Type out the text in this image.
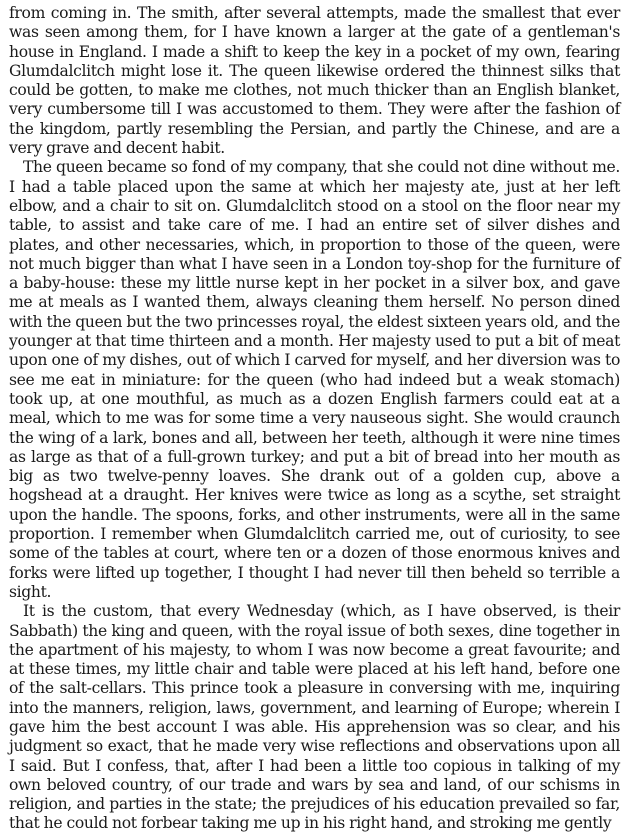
from coming in. The smith, after several attempts, made the smallest that ever was seen among them, for I have known a larger at the gate of a gentleman's house in England. I made a shift to keep the key in a pocket of my own, fearing Glumdalclitch might lose it. The queen likewise ordered the thinnest silks that could be gotten, to make me clothes, not much thicker than an English blanket, very cumbersome till I was accustomed to them. They were after the fashion of the kingdom, partly resembling the Persian, and partly the Chinese, and are a very grave and decent habit.

The queen became so fond of my company, that she could not dine without me. I had a table placed upon the same at which her majesty ate, just at her left elbow, and a chair to sit on. Glumdalclitch stood on a stool on the floor near my table, to assist and take care of me. I had an entire set of silver dishes and plates, and other necessaries, which, in proportion to those of the queen, were not much bigger than what I have seen in a London toy-shop for the furniture of a baby-house: these my little nurse kept in her pocket in a silver box, and gave me at meals as I wanted them, always cleaning them herself. No person dined with the queen but the two princesses royal, the eldest sixteen years old, and the younger at that time thirteen and a month. Her majesty used to put a bit of meat upon one of my dishes, out of which I carved for myself, and her diversion was to see me eat in miniature: for the queen (who had indeed but a weak stomach) took up, at one mouthful, as much as a dozen English farmers could eat at a meal, which to me was for some time a very nauseous sight. She would craunch the wing of a lark, bones and all, between her teeth, although it were nine times as large as that of a full-grown turkey; and put a bit of bread into her mouth as big as two twelve-penny loaves. She drank out of a golden cup, above a hogshead at a draught. Her knives were twice as long as a scythe, set straight upon the handle. The spoons, forks, and other instruments, were all in the same proportion. I remember when Glumdalclitch carried me, out of curiosity, to see some of the tables at court, where ten or a dozen of those enormous knives and forks were lifted up together, I thought I had never till then beheld so terrible a sight.

It is the custom, that every Wednesday (which, as I have observed, is their Sabbath) the king and queen, with the royal issue of both sexes, dine together in the apartment of his majesty, to whom I was now become a great favourite; and at these times, my little chair and table were placed at his left hand, before one of the salt-cellars. This prince took a pleasure in conversing with me, inquiring into the manners, religion, laws, government, and learning of Europe; wherein I gave him the best account I was able. His apprehension was so clear, and his judgment so exact, that he made very wise reflections and observations upon all I said. But I confess, that, after I had been a little too copious in talking of my own beloved country, of our trade and wars by sea and land, of our schisms in religion, and parties in the state; the prejudices of his education prevailed so far, that he could not forbear taking me up in his right hand, and stroking me gently
